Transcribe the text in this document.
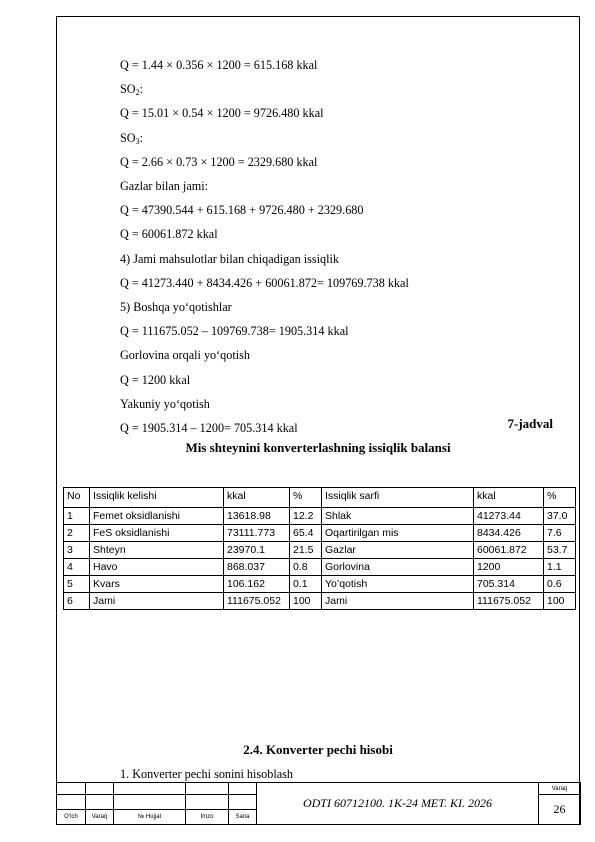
Q = 1.44 × 0.356 × 1200 = 615.168 kkal
$SO_2$:
Q = 15.01 × 0.54 × 1200 = 9726.480 kkal
$SO_3$:
Q = 2.66 × 0.73 × 1200 = 2329.680 kkal
Gazlar bilan jami:
Q = 47390.544 + 615.168 + 9726.480 + 2329.680
Q = 60061.872 kkal
4) Jami mahsulotlar bilan chiqadigan issiqlik
Q = 41273.440 + 8434.426 + 60061.872= 109769.738 kkal
5) Boshqa yo‘qotishlar
Q = 111675.052 – 109769.738= 1905.314 kkal
Gorlovina orqali yo‘qotish
Q = 1200 kkal
Yakuniy yo‘qotish
Q = 1905.314 – 1200= 705.314 kkal	7-jadval
Mis shteynini konverterlashning issiqlik balansi
No	Issiqlik kelishi	kkal	%	Issiqlik sarfi	kkal	%
1	Femet oksidlanishi	13618.98	12.2	Shlak	41273.44	37.0
2	FeS oksidlanishi	73111.773	65.4	Oqartirilgan mis	8434.426	7.6
3	Shteyn	23970.1	21.5	Gazlar	60061.872	53.7
4	Havo	868.037	0.8	Gorlovina	1200	1.1
5	Kvars	106.162	0.1	Yo’qotish	705.314	0.6
6	Jami	111675.052	100	Jami	111675.052	100
2.4. Konverter pechi hisobi
1. Konverter pechi sonini hisoblash
					ODTI 60712100. 1K-24 MET. KI. 2026	Varaq
						26
O‘lch	Varaq	№ Hujjat	Imzo	Sana		
